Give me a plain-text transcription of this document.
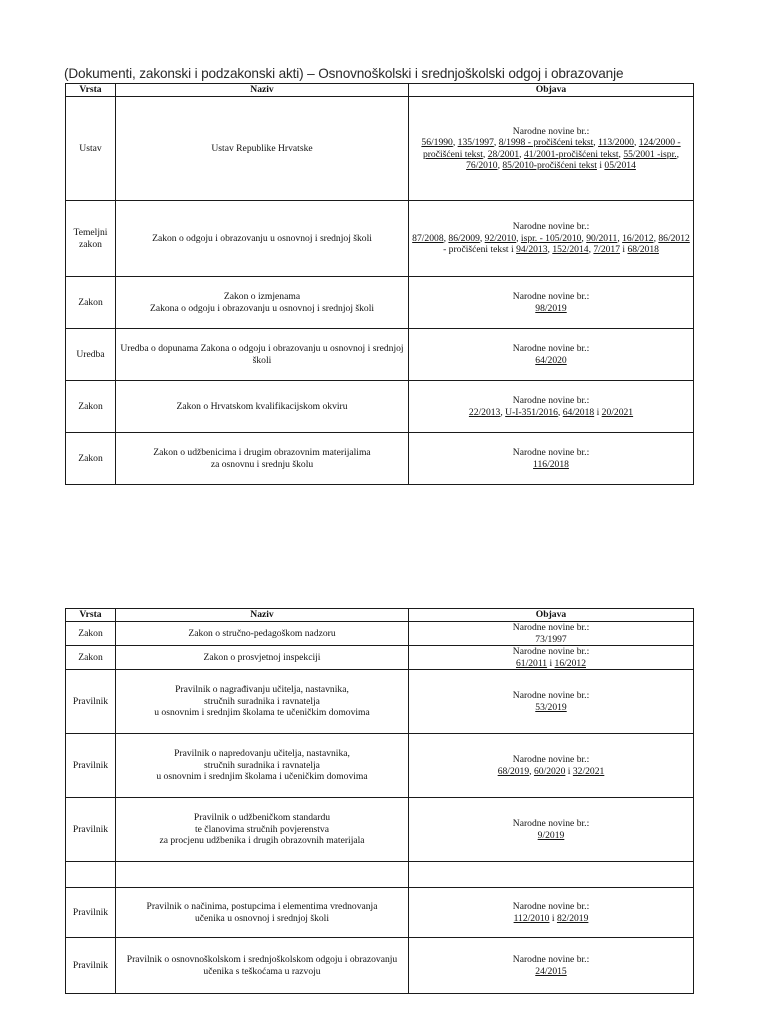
(Dokumenti, zakonski i podzakonski akti) – Osnovnoškolski i srednjoškolski odgoj i obrazovanje
Vrsta	Naziv	Objava
Ustav	Ustav Republike Hrvatske	Narodne novine br.:
56/1990, 135/1997, 8/1998 - pročišćeni tekst, 113/2000, 124/2000 - pročišćeni tekst, 28/2001, 41/2001-pročišćeni tekst, 55/2001 -ispr., 76/2010, 85/2010-pročišćeni tekst i 05/2014
Temeljni zakon	Zakon o odgoju i obrazovanju u osnovnoj i srednjoj školi	Narodne novine br.:
87/2008, 86/2009, 92/2010, ispr. - 105/2010, 90/2011, 16/2012, 86/2012 - pročišćeni tekst i 94/2013, 152/2014, 7/2017 i 68/2018
Zakon	Zakon o izmjenama
Zakona o odgoju i obrazovanju u osnovnoj i srednjoj školi	Narodne novine br.:
98/2019
Uredba	Uredba o dopunama Zakona o odgoju i obrazovanju u osnovnoj i srednjoj školi	Narodne novine br.:
64/2020
Zakon	Zakon o Hrvatskom kvalifikacijskom okviru	Narodne novine br.:
22/2013, U-I-351/2016, 64/2018 i 20/2021
Zakon	Zakon o udžbenicima i drugim obrazovnim materijalima
za osnovnu i srednju školu	Narodne novine br.:
116/2018
Vrsta	Naziv	Objava
Zakon	Zakon o stručno-pedagoškom nadzoru	Narodne novine br.:
73/1997
Zakon	Zakon o prosvjetnoj inspekciji	Narodne novine br.:
61/2011 i 16/2012
Pravilnik	Pravilnik o nagrađivanju učitelja, nastavnika,
stručnih suradnika i ravnatelja
u osnovnim i srednjim školama te učeničkim domovima	Narodne novine br.:
53/2019
Pravilnik	Pravilnik o napredovanju učitelja, nastavnika,
stručnih suradnika i ravnatelja
u osnovnim i srednjim školama i učeničkim domovima	Narodne novine br.:
68/2019, 60/2020 i 32/2021
Pravilnik	Pravilnik o udžbeničkom standardu
te članovima stručnih povjerenstva
za procjenu udžbenika i drugih obrazovnih materijala	Narodne novine br.:
9/2019

Pravilnik	Pravilnik o načinima, postupcima i elementima vrednovanja
učenika u osnovnoj i srednjoj školi	Narodne novine br.:
112/2010 i 82/2019
Pravilnik	Pravilnik o osnovnoškolskom i srednjoškolskom odgoju i obrazovanju
učenika s teškoćama u razvoju	Narodne novine br.:
24/2015
